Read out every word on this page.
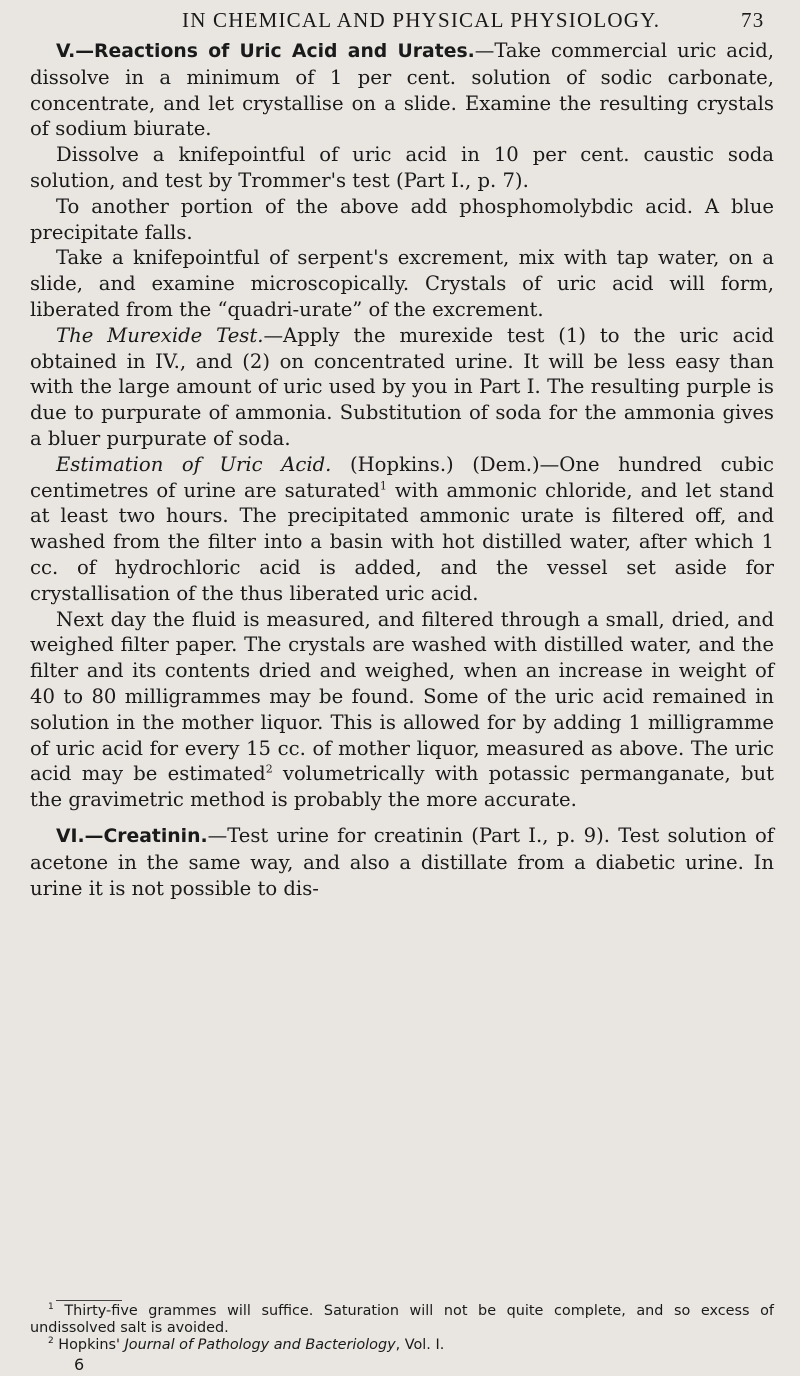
IN CHEMICAL AND PHYSICAL PHYSIOLOGY.	73

V.—Reactions of Uric Acid and Urates.—Take commercial uric acid, dissolve in a minimum of 1 per cent. solution of sodic carbonate, concentrate, and let crystallise on a slide. Examine the resulting crystals of sodium biurate.

Dissolve a knifepointful of uric acid in 10 per cent. caustic soda solution, and test by Trommer's test (Part I., p. 7).

To another portion of the above add phosphomolybdic acid. A blue precipitate falls.

Take a knifepointful of serpent's excrement, mix with tap water, on a slide, and examine microscopically. Crystals of uric acid will form, liberated from the “quadri-urate” of the excrement.

The Murexide Test.—Apply the murexide test (1) to the uric acid obtained in IV., and (2) on concentrated urine. It will be less easy than with the large amount of uric used by you in Part I. The resulting purple is due to purpurate of ammonia. Substitution of soda for the ammonia gives a bluer purpurate of soda.

Estimation of Uric Acid. (Hopkins.) (Dem.)—One hundred cubic centimetres of urine are saturated$^1$ with ammonic chloride, and let stand at least two hours. The precipitated ammonic urate is filtered off, and washed from the filter into a basin with hot distilled water, after which 1 cc. of hydrochloric acid is added, and the vessel set aside for crystallisation of the thus liberated uric acid.

Next day the fluid is measured, and filtered through a small, dried, and weighed filter paper. The crystals are washed with distilled water, and the filter and its contents dried and weighed, when an increase in weight of 40 to 80 milligrammes may be found. Some of the uric acid remained in solution in the mother liquor. This is allowed for by adding 1 milligramme of uric acid for every 15 cc. of mother liquor, measured as above. The uric acid may be estimated$^2$ volumetrically with potassic permanganate, but the gravimetric method is probably the more accurate.

VI.—Creatinin.—Test urine for creatinin (Part I., p. 9). Test solution of acetone in the same way, and also a distillate from a diabetic urine. In urine it is not possible to dis-

$^1$ Thirty-five grammes will suffice. Saturation will not be quite complete, and so excess of undissolved salt is avoided.

$^2$ Hopkins' Journal of Pathology and Bacteriology, Vol. I.

6
